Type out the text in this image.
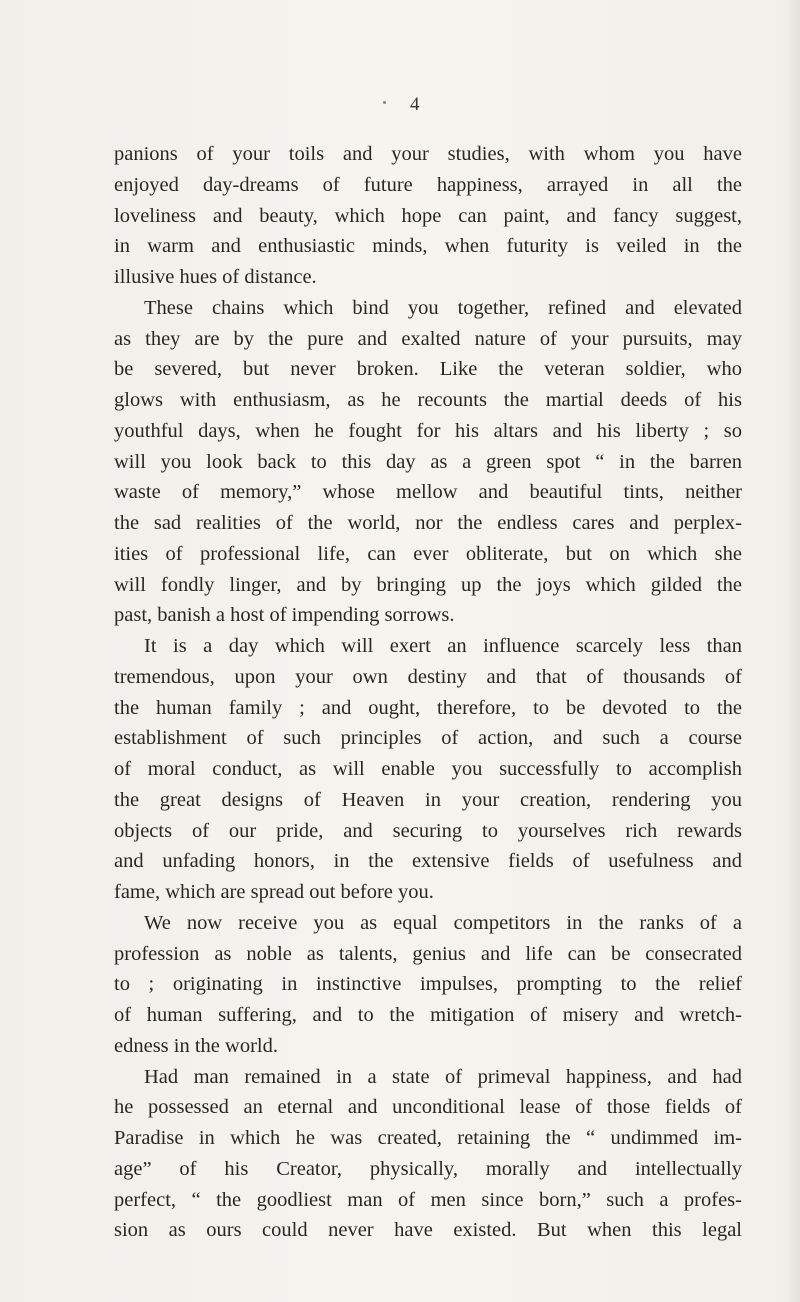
4
panions of your toils and your studies, with whom you have
enjoyed day-dreams of future happiness, arrayed in all the
loveliness and beauty, which hope can paint, and fancy suggest,
in warm and enthusiastic minds, when futurity is veiled in the
illusive hues of distance.
These chains which bind you together, refined and elevated
as they are by the pure and exalted nature of your pursuits, may
be severed, but never broken. Like the veteran soldier, who
glows with enthusiasm, as he recounts the martial deeds of his
youthful days, when he fought for his altars and his liberty ; so
will you look back to this day as a green spot “ in the barren
waste of memory,” whose mellow and beautiful tints, neither
the sad realities of the world, nor the endless cares and perplex-
ities of professional life, can ever obliterate, but on which she
will fondly linger, and by bringing up the joys which gilded the
past, banish a host of impending sorrows.
It is a day which will exert an influence scarcely less than
tremendous, upon your own destiny and that of thousands of
the human family ; and ought, therefore, to be devoted to the
establishment of such principles of action, and such a course
of moral conduct, as will enable you successfully to accomplish
the great designs of Heaven in your creation, rendering you
objects of our pride, and securing to yourselves rich rewards
and unfading honors, in the extensive fields of usefulness and
fame, which are spread out before you.
We now receive you as equal competitors in the ranks of a
profession as noble as talents, genius and life can be consecrated
to ; originating in instinctive impulses, prompting to the relief
of human suffering, and to the mitigation of misery and wretch-
edness in the world.
Had man remained in a state of primeval happiness, and had
he possessed an eternal and unconditional lease of those fields of
Paradise in which he was created, retaining the “ undimmed im-
age” of his Creator, physically, morally and intellectually
perfect, “ the goodliest man of men since born,” such a profes-
sion as ours could never have existed. But when this legal
